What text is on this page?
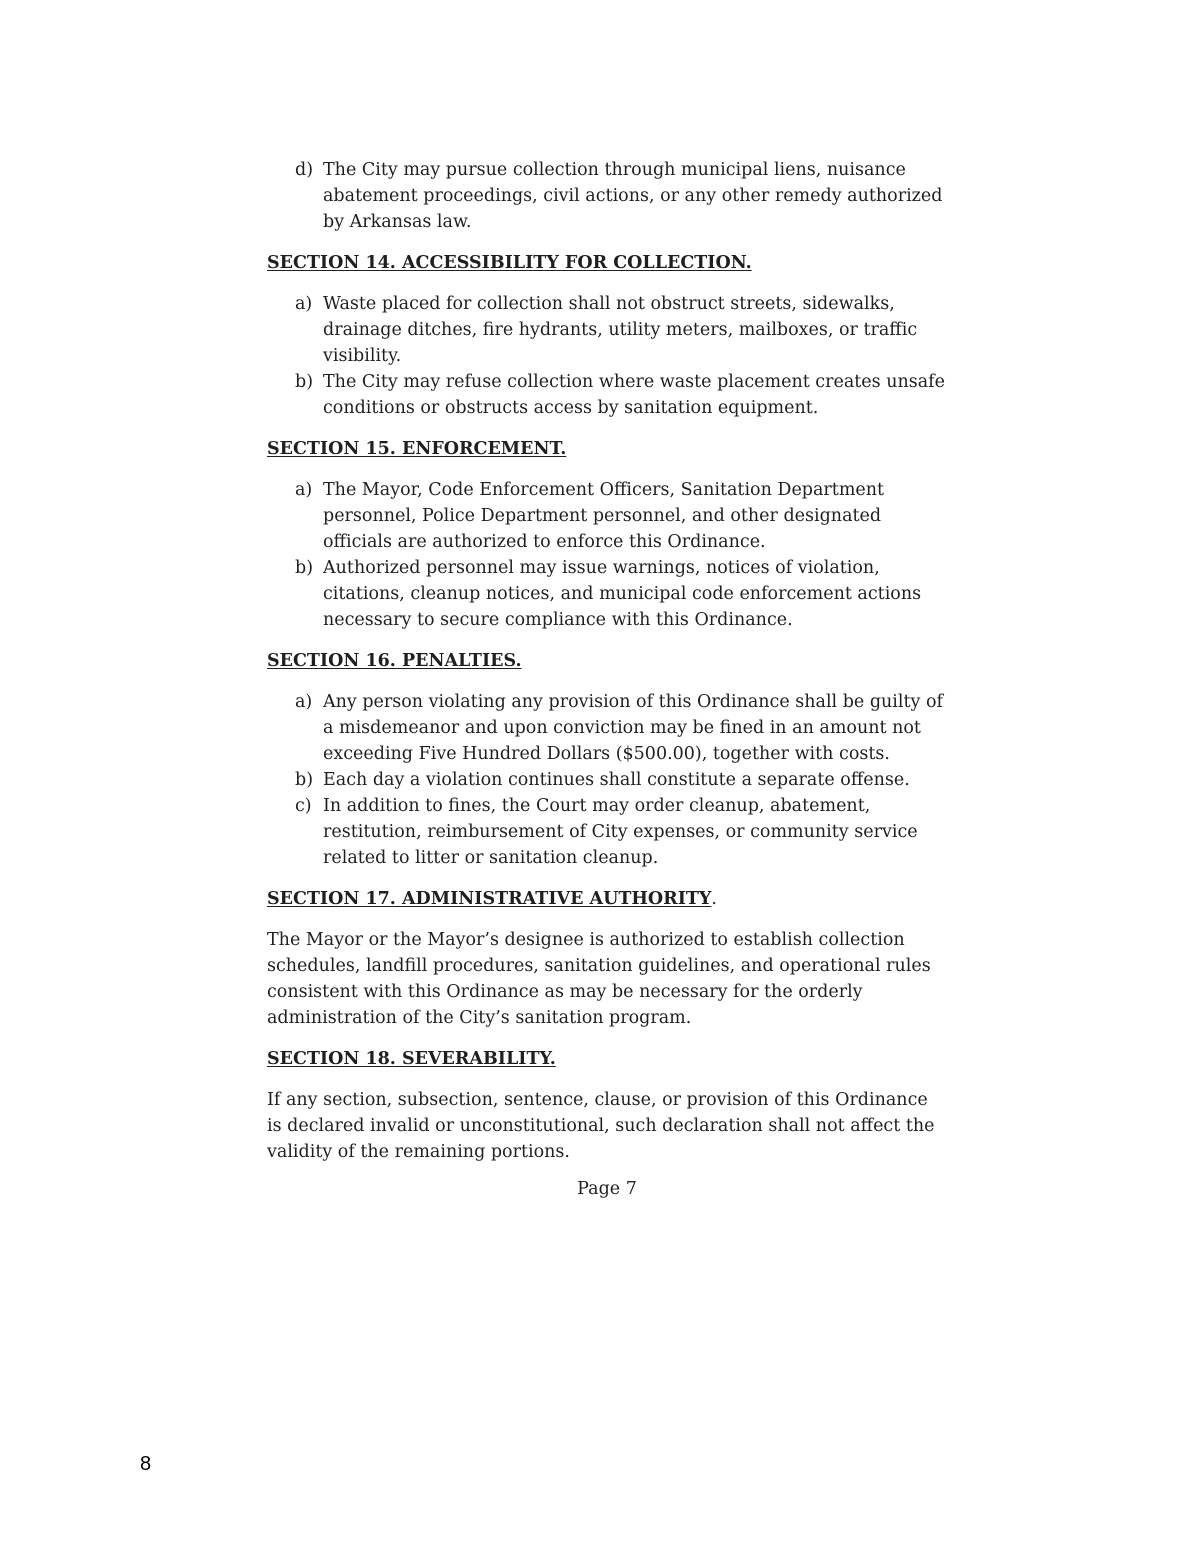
d) The City may pursue collection through municipal liens, nuisance abatement proceedings, civil actions, or any other remedy authorized by Arkansas law.
SECTION 14. ACCESSIBILITY FOR COLLECTION.
a) Waste placed for collection shall not obstruct streets, sidewalks, drainage ditches, fire hydrants, utility meters, mailboxes, or traffic visibility.
b) The City may refuse collection where waste placement creates unsafe conditions or obstructs access by sanitation equipment.
SECTION 15. ENFORCEMENT.
a) The Mayor, Code Enforcement Officers, Sanitation Department personnel, Police Department personnel, and other designated officials are authorized to enforce this Ordinance.
b) Authorized personnel may issue warnings, notices of violation, citations, cleanup notices, and municipal code enforcement actions necessary to secure compliance with this Ordinance.
SECTION 16. PENALTIES.
a) Any person violating any provision of this Ordinance shall be guilty of a misdemeanor and upon conviction may be fined in an amount not exceeding Five Hundred Dollars ($500.00), together with costs.
b) Each day a violation continues shall constitute a separate offense.
c) In addition to fines, the Court may order cleanup, abatement, restitution, reimbursement of City expenses, or community service related to litter or sanitation cleanup.
SECTION 17. ADMINISTRATIVE AUTHORITY.

The Mayor or the Mayor’s designee is authorized to establish collection schedules, landfill procedures, sanitation guidelines, and operational rules consistent with this Ordinance as may be necessary for the orderly administration of the City’s sanitation program.

SECTION 18. SEVERABILITY.

If any section, subsection, sentence, clause, or provision of this Ordinance is declared invalid or unconstitutional, such declaration shall not affect the validity of the remaining portions.

Page 7
8
